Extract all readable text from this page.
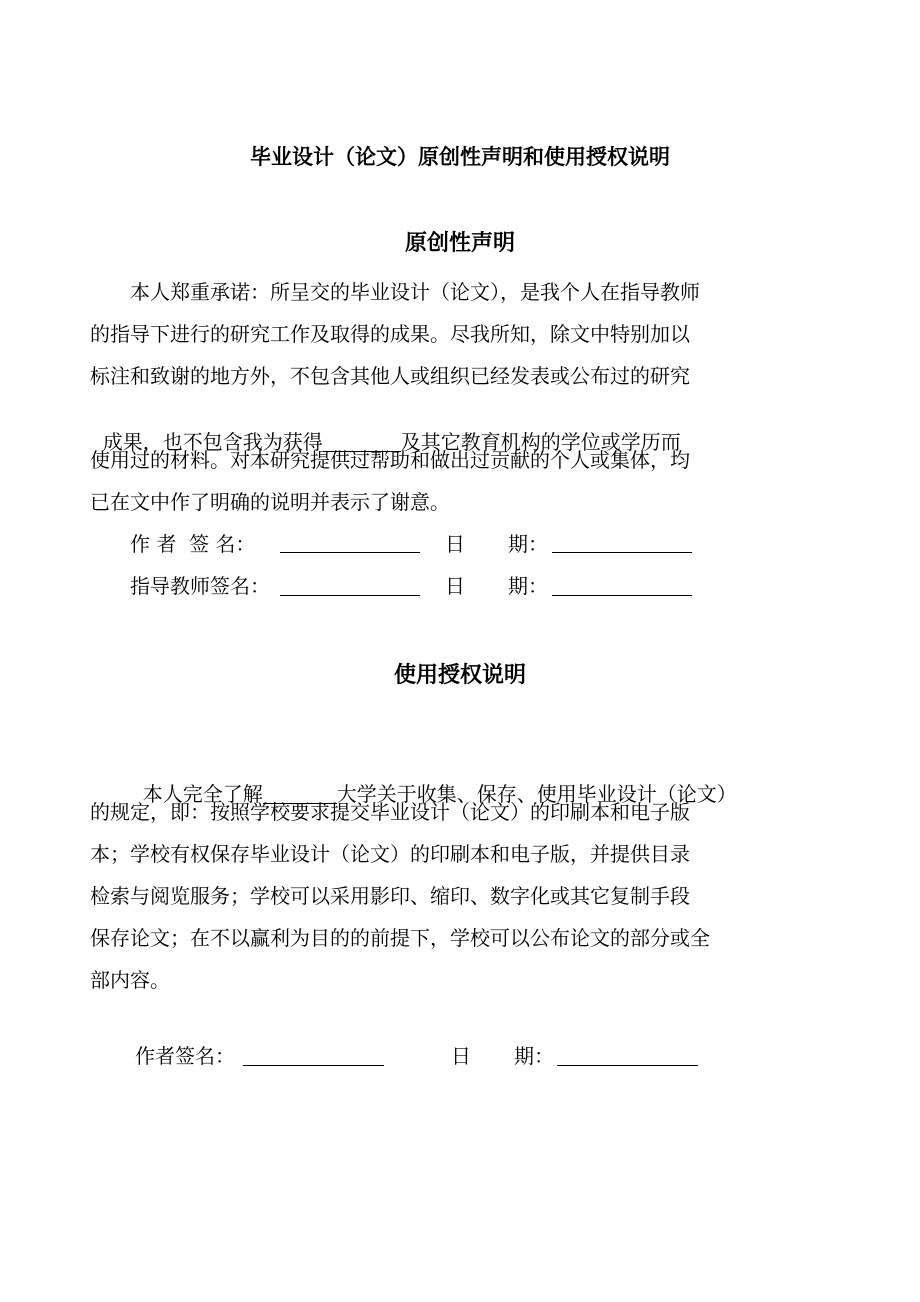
毕业设计（论文）原创性声明和使用授权说明
原创性声明
本人郑重承诺：所呈交的毕业设计（论文），是我个人在指导教师
的指导下进行的研究工作及取得的成果。尽我所知，除文中特别加以
标注和致谢的地方外，不包含其他人或组织已经发表或公布过的研究

成果，也不包含我为获得	及其它教育机构的学位或学历而

使用过的材料。对本研究提供过帮助和做出过贡献的个人或集体，均
已在文中作了明确的说明并表示了谢意。
作 者  签 名：	日 期：
指导教师签名：	日 期：
使用授权说明

本人完全了解	大学关于收集、保存、使用毕业设计（论文）

的规定，即：按照学校要求提交毕业设计（论文）的印刷本和电子版
本；学校有权保存毕业设计（论文）的印刷本和电子版，并提供目录
检索与阅览服务；学校可以采用影印、缩印、数字化或其它复制手段
保存论文；在不以赢利为目的的前提下，学校可以公布论文的部分或全
部内容。
作者签名：	日 期：
